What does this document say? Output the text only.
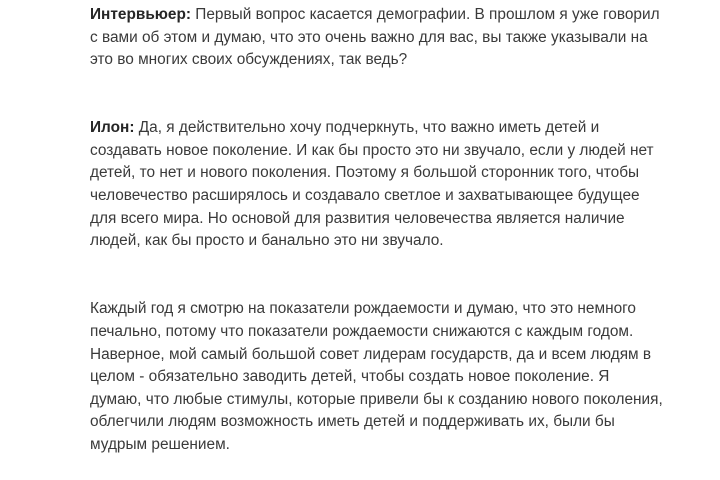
Интервьюер: Первый вопрос касается демографии. В прошлом я уже говорил с вами об этом и думаю, что это очень важно для вас, вы также указывали на это во многих своих обсуждениях, так ведь?

Илон: Да, я действительно хочу подчеркнуть, что важно иметь детей и создавать новое поколение. И как бы просто это ни звучало, если у людей нет детей, то нет и нового поколения. Поэтому я большой сторонник того, чтобы человечество расширялось и создавало светлое и захватывающее будущее для всего мира. Но основой для развития человечества является наличие людей, как бы просто и банально это ни звучало.

Каждый год я смотрю на показатели рождаемости и думаю, что это немного печально, потому что показатели рождаемости снижаются с каждым годом. Наверное, мой самый большой совет лидерам государств, да и всем людям в целом - обязательно заводить детей, чтобы создать новое поколение. Я думаю, что любые стимулы, которые привели бы к созданию нового поколения, облегчили людям возможность иметь детей и поддерживать их, были бы мудрым решением.
